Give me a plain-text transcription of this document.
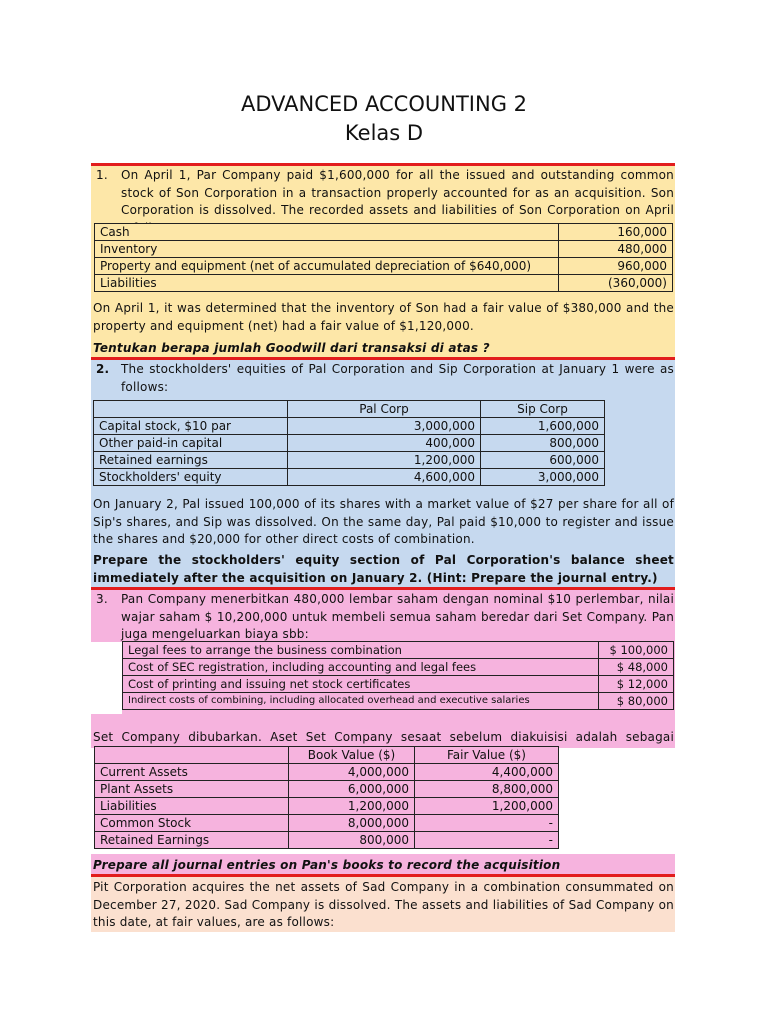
ADVANCED ACCOUNTING 2
Kelas D
1.	On April 1, Par Company paid $1,600,000 for all the issued and outstanding common stock of Son Corporation in a transaction properly accounted for as an acquisition. Son Corporation is dissolved. The recorded assets and liabilities of Son Corporation on April
Cash	160,000
Inventory	480,000
Property and equipment (net of accumulated depreciation of $640,000)	960,000
Liabilities	(360,000)
On April 1, it was determined that the inventory of Son had a fair value of $380,000 and the property and equipment (net) had a fair value of $1,120,000.
Tentukan berapa jumlah Goodwill dari transaksi di atas ?
2. The stockholders' equities of Pal Corporation and Sip Corporation at January 1 were as follows:
	Pal Corp	Sip Corp
Capital stock, $10 par	3,000,000	1,600,000
Other paid-in capital	400,000	800,000
Retained earnings	1,200,000	600,000
Stockholders' equity	4,600,000	3,000,000
On January 2, Pal issued 100,000 of its shares with a market value of $27 per share for all of Sip's shares, and Sip was dissolved. On the same day, Pal paid $10,000 to register and issue the shares and $20,000 for other direct costs of combination.
Prepare the stockholders' equity section of Pal Corporation's balance sheet immediately after the acquisition on January 2. (Hint: Prepare the journal entry.)
3.	Pan Company menerbitkan 480,000 lembar saham dengan nominal $10 perlembar, nilai wajar saham $ 10,200,000 untuk membeli semua saham beredar dari Set Company. Pan juga mengeluarkan biaya sbb:
Legal fees to arrange the business combination	$ 100,000
Cost of SEC registration, including accounting and legal fees	$ 48,000
Cost of printing and issuing net stock certificates	$ 12,000
Indirect costs of combining, including allocated overhead and executive salaries	$ 80,000
Set Company dibubarkan. Aset Set Company sesaat sebelum diakuisisi adalah sebagai
	Book Value ($)	Fair Value ($)
Current Assets	4,000,000	4,400,000
Plant Assets	6,000,000	8,800,000
Liabilities	1,200,000	1,200,000
Common Stock	8,000,000	-
Retained Earnings	800,000	-
Prepare all journal entries on Pan's books to record the acquisition
Pit Corporation acquires the net assets of Sad Company in a combination consummated on December 27, 2020. Sad Company is dissolved. The assets and liabilities of Sad Company on this date, at fair values, are as follows:
